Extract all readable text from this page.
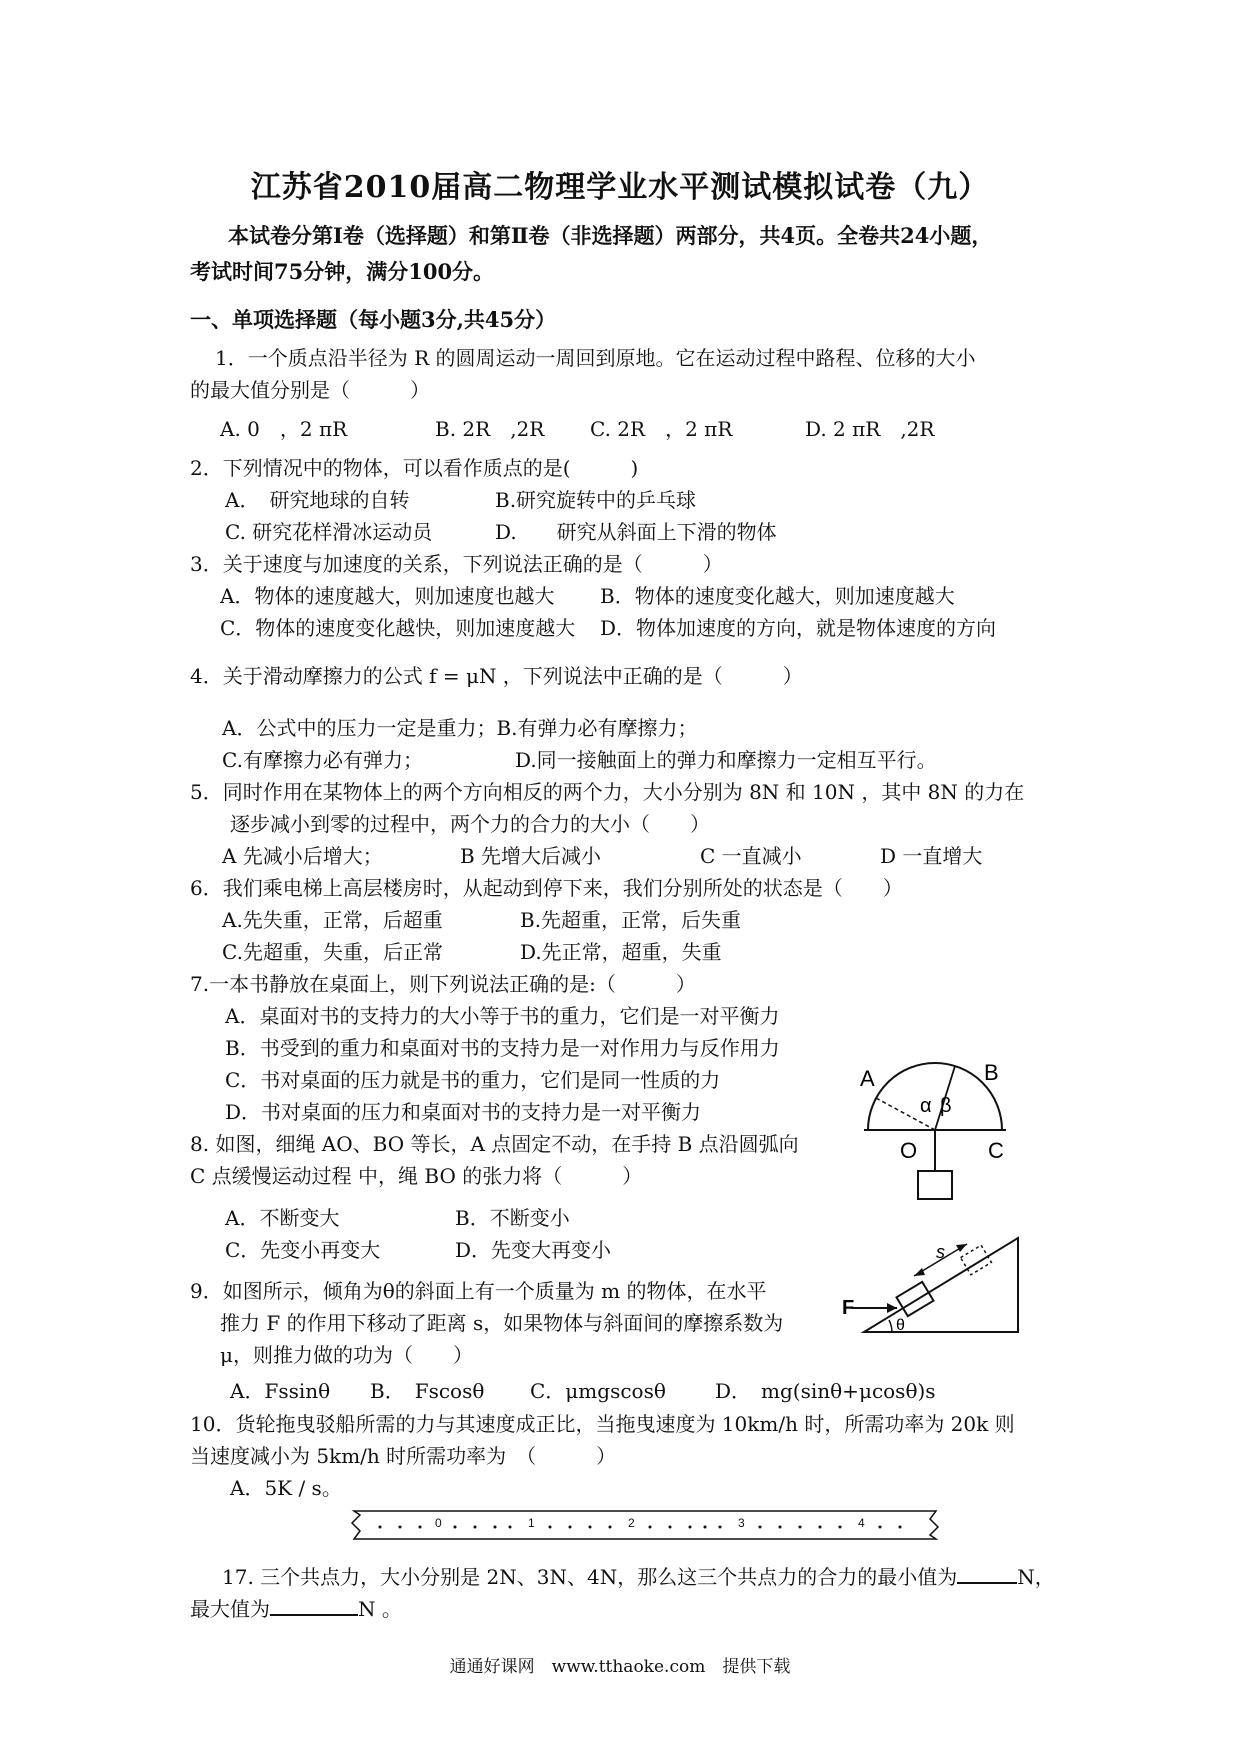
江苏省2010届高二物理学业水平测试模拟试卷（九）

本试卷分第Ⅰ卷（选择题）和第Ⅱ卷（非选择题）两部分，共4页。全卷共24小题，

考试时间75分钟，满分100分。

一、单项选择题（每小题3分,共45分）
1．一个质点沿半径为 R 的圆周运动一周回到原地。它在运动过程中路程、位移的大小
的最大值分别是（　　　）
A. 0　，2 πR	B. 2R　,2R C. 2R　，2 πR	D. 2 πR　,2R
2．下列情况中的物体，可以看作质点的是(　　　)
A．　研究地球的自转	B.研究旋转中的乒乓球
C. 研究花样滑冰运动员	D.　　研究从斜面上下滑的物体
3．关于速度与加速度的关系，下列说法正确的是（　　　）
A．物体的速度越大，则加速度也越大 B．物体的速度变化越大，则加速度越大
C．物体的速度变化越快，则加速度越大 D．物体加速度的方向，就是物体速度的方向
4．关于滑动摩擦力的公式 f = μN ，下列说法中正确的是（　　　）
A．公式中的压力一定是重力；B.有弹力必有摩擦力；
C.有摩擦力必有弹力；	D.同一接触面上的弹力和摩擦力一定相互平行。
5．同时作用在某物体上的两个方向相反的两个力，大小分别为 8N 和 10N ，其中 8N 的力在
逐步减小到零的过程中，两个力的合力的大小（　　）
A 先减小后增大；	B 先增大后减小	C 一直减小	D 一直增大
6．我们乘电梯上高层楼房时，从起动到停下来，我们分别所处的状态是（　　）
A.先失重，正常，后超重	B.先超重，正常，后失重
C.先超重，失重，后正常	D.先正常，超重，失重
7.一本书静放在桌面上，则下列说法正确的是:（　　　）
A．桌面对书的支持力的大小等于书的重力，它们是一对平衡力
B．书受到的重力和桌面对书的支持力是一对作用力与反作用力
C．书对桌面的压力就是书的重力，它们是同一性质的力
D．书对桌面的压力和桌面对书的支持力是一对平衡力
8. 如图，细绳 AO、BO 等长，A 点固定不动，在手持 B 点沿圆弧向
C 点缓慢运动过程 中，绳 BO 的张力将（　　　）
A．不断变大	B．不断变小
C．先变小再变大	D．先变大再变小
A	B
C
O
α β
9．如图所示，倾角为θ的斜面上有一个质量为 m 的物体，在水平
推力 F 的作用下移动了距离 s，如果物体与斜面间的摩擦系数为
μ，则推力做的功为（　　）
A．Fssinθ B．　Fscosθ C．μmgscosθ D．　mg(sinθ+μcosθ)s
F
s
θ
10．货轮拖曳驳船所需的力与其速度成正比，当拖曳速度为 10km/h 时，所需功率为 20k 则
当速度减小为 5km/h 时所需功率为　（　　　）
A．5K / s。
0	1	2	3	4
17. 三个共点力，大小分别是 2N、3N、4N，那么这三个共点力的合力的最小值为	N，
最大值为	N 。
通通好课网　www.tthaoke.com　提供下载
